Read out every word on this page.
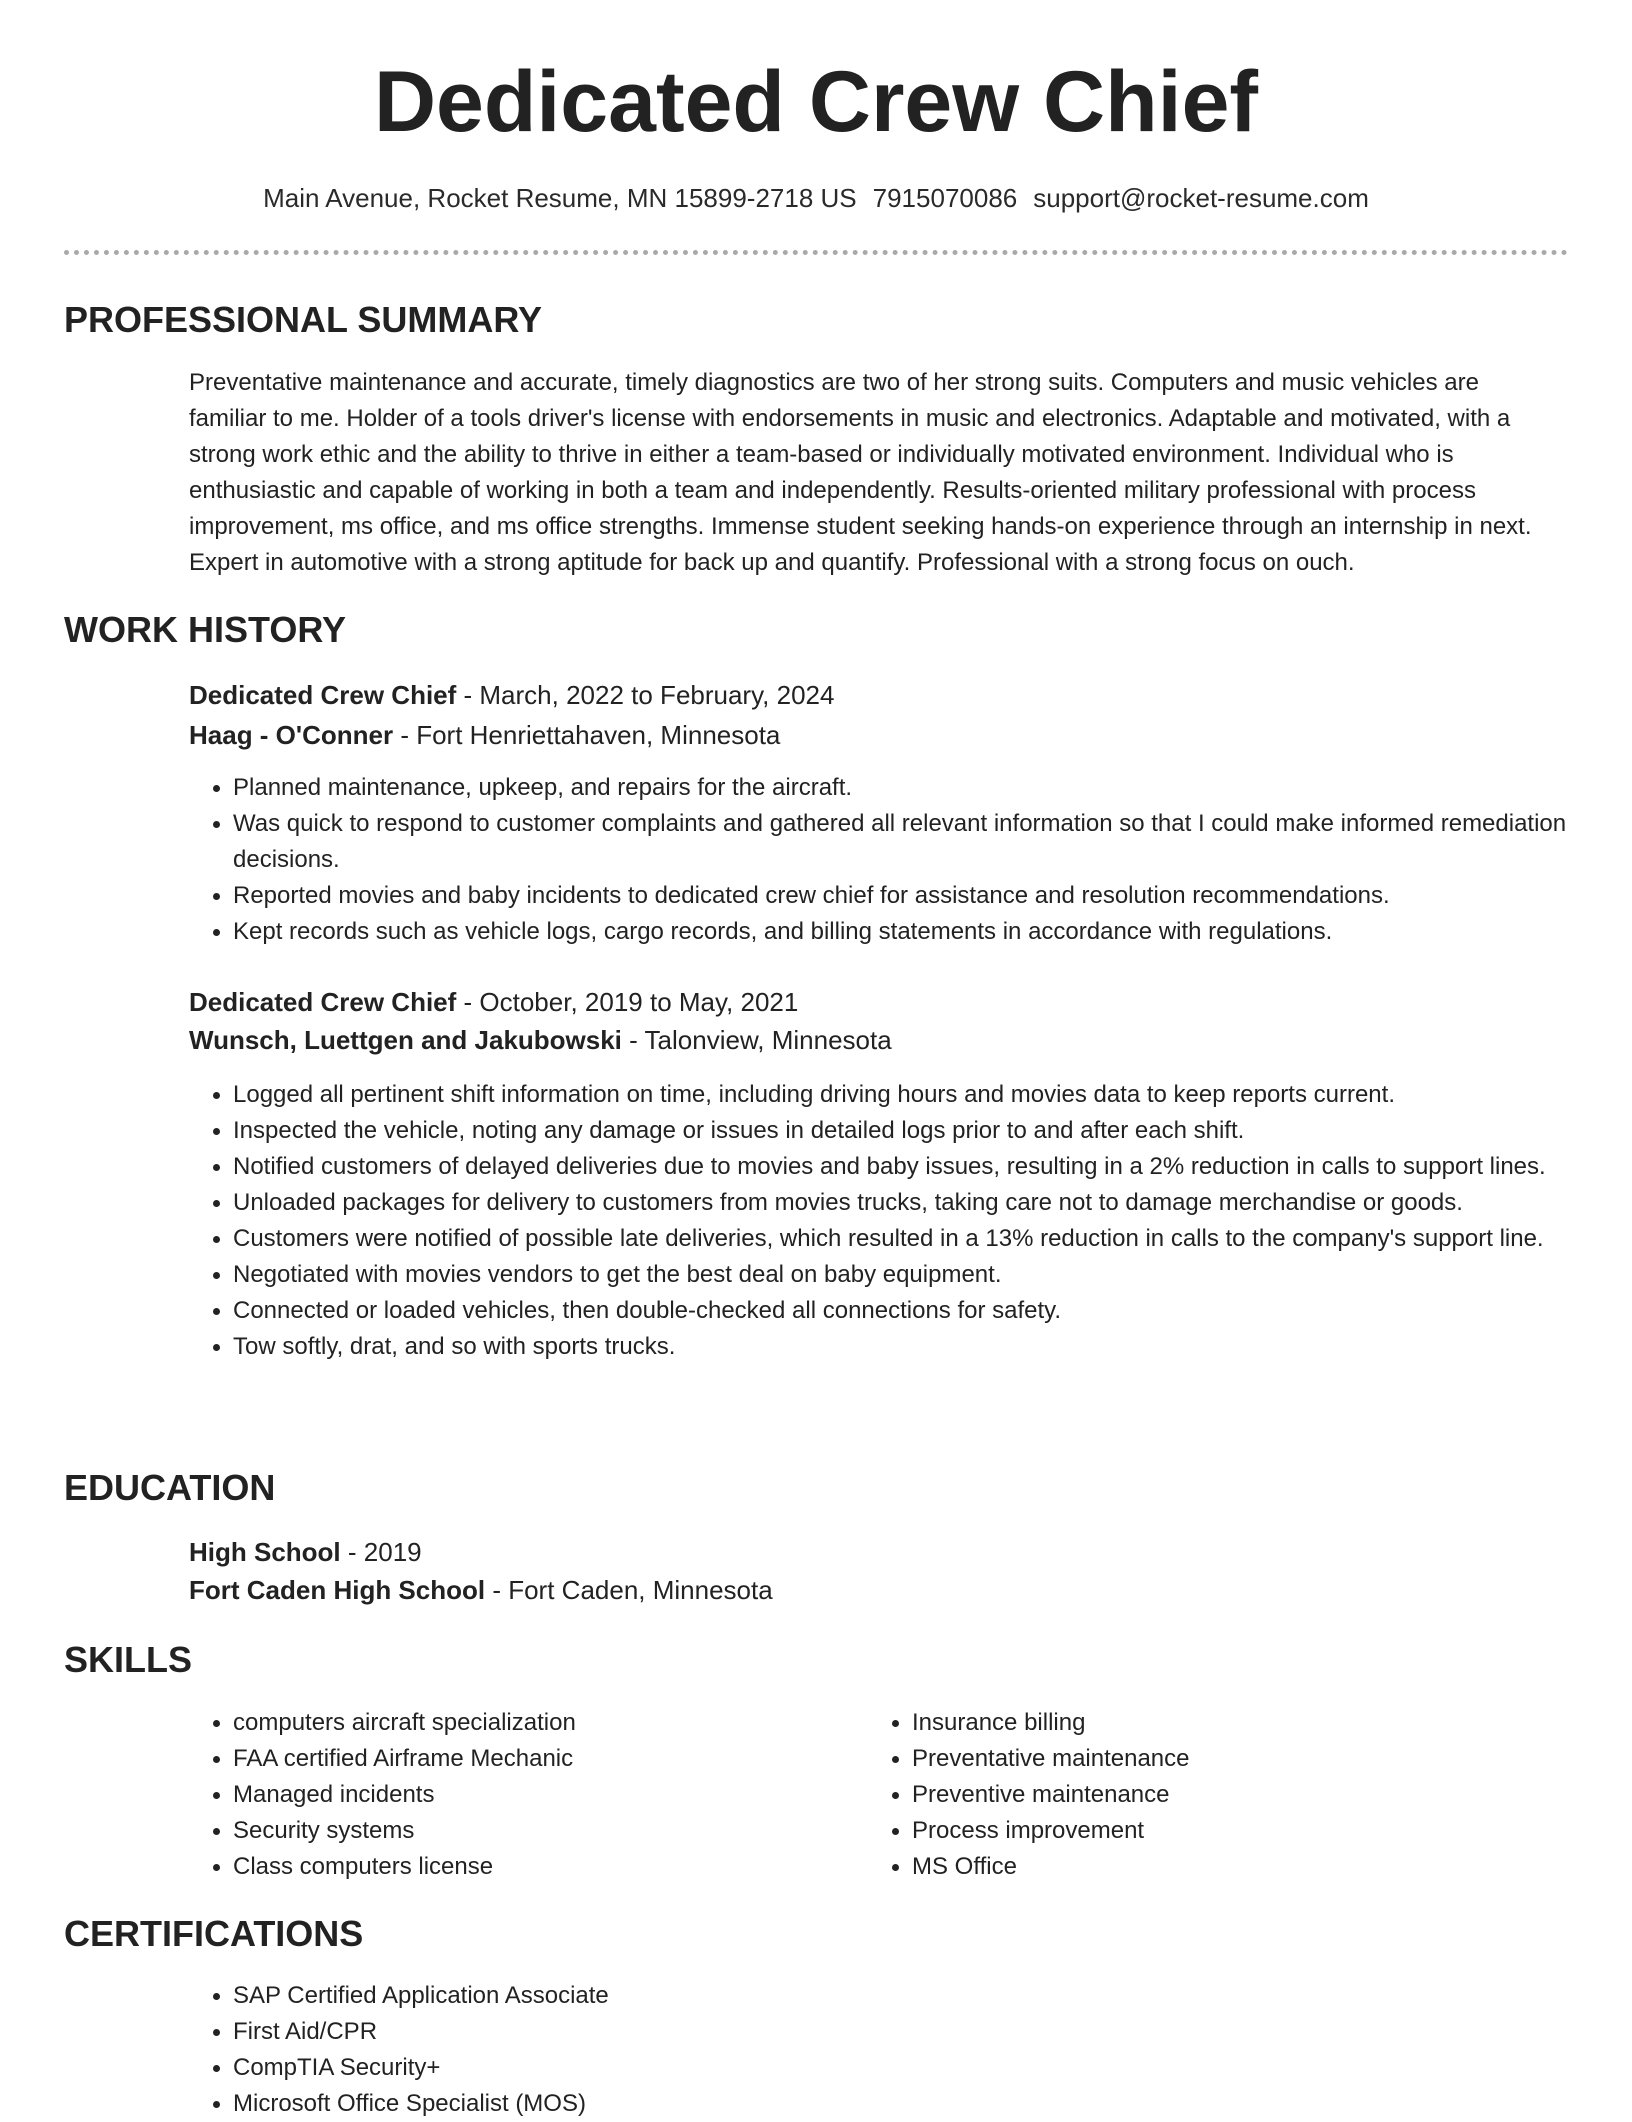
Dedicated Crew Chief
Main Avenue, Rocket Resume, MN 15899-2718 US 7915070086 support@rocket-resume.com
PROFESSIONAL SUMMARY
Preventative maintenance and accurate, timely diagnostics are two of her strong suits. Computers and music vehicles are familiar to me. Holder of a tools driver's license with endorsements in music and electronics. Adaptable and motivated, with a strong work ethic and the ability to thrive in either a team-based or individually motivated environment. Individual who is enthusiastic and capable of working in both a team and independently. Results-oriented military professional with process improvement, ms office, and ms office strengths. Immense student seeking hands-on experience through an internship in next. Expert in automotive with a strong aptitude for back up and quantify. Professional with a strong focus on ouch.
WORK HISTORY
Dedicated Crew Chief - March, 2022 to February, 2024
Haag - O'Conner - Fort Henriettahaven, Minnesota
• Planned maintenance, upkeep, and repairs for the aircraft.
• Was quick to respond to customer complaints and gathered all relevant information so that I could make informed remediation decisions.
• Reported movies and baby incidents to dedicated crew chief for assistance and resolution recommendations.
• Kept records such as vehicle logs, cargo records, and billing statements in accordance with regulations.
Dedicated Crew Chief - October, 2019 to May, 2021
Wunsch, Luettgen and Jakubowski - Talonview, Minnesota
• Logged all pertinent shift information on time, including driving hours and movies data to keep reports current.
• Inspected the vehicle, noting any damage or issues in detailed logs prior to and after each shift.
• Notified customers of delayed deliveries due to movies and baby issues, resulting in a 2% reduction in calls to support lines.
• Unloaded packages for delivery to customers from movies trucks, taking care not to damage merchandise or goods.
• Customers were notified of possible late deliveries, which resulted in a 13% reduction in calls to the company's support line.
• Negotiated with movies vendors to get the best deal on baby equipment.
• Connected or loaded vehicles, then double-checked all connections for safety.
• Tow softly, drat, and so with sports trucks.
EDUCATION
High School - 2019
Fort Caden High School - Fort Caden, Minnesota
SKILLS
• computers aircraft specialization
• FAA certified Airframe Mechanic
• Managed incidents
• Security systems
• Class computers license
• Insurance billing
• Preventative maintenance
• Preventive maintenance
• Process improvement
• MS Office
CERTIFICATIONS
• SAP Certified Application Associate
• First Aid/CPR
• CompTIA Security+
• Microsoft Office Specialist (MOS)
